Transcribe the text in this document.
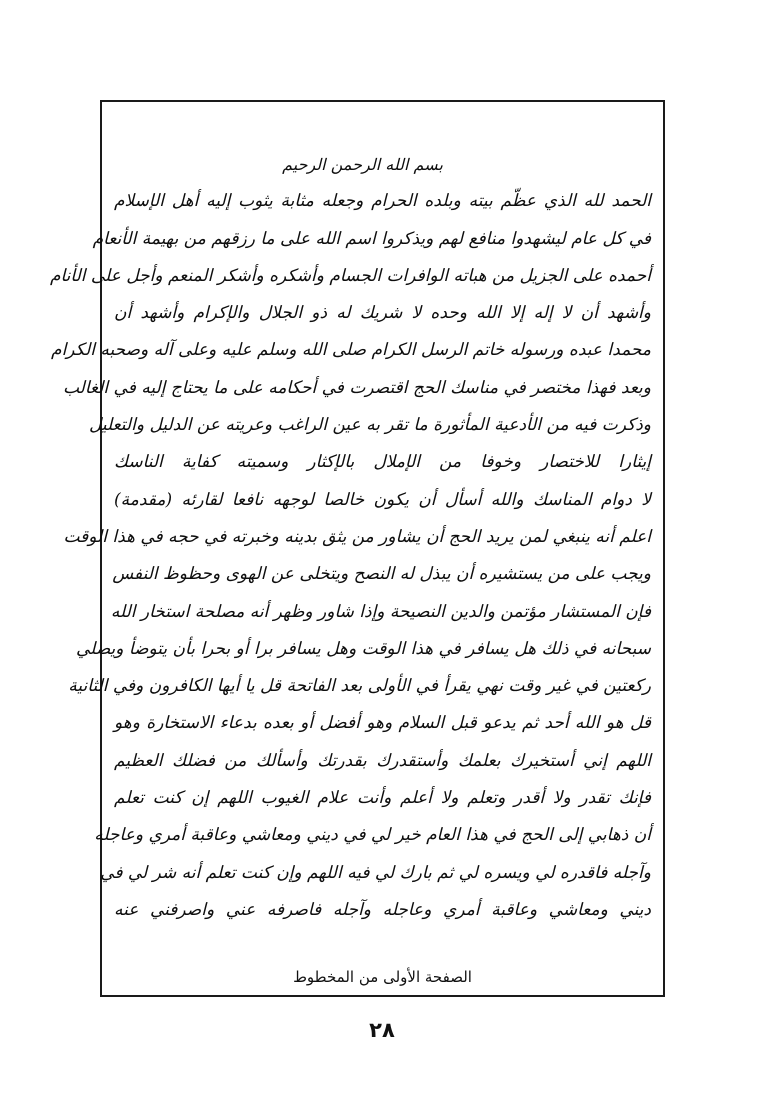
بسم الله الرحمن الرحيم
الحمد لله الذي عظّم بيته وبلده الحرام وجعله مثابة يثوب إليه أهل الإسلام
في كل عام ليشهدوا منافع لهم ويذكروا اسم الله على ما رزقهم من بهيمة الأنعام
أحمده على الجزيل من هباته الوافرات الجسام وأشكره وأشكر المنعم وأجل على الأنام
وأشهد أن لا إله إلا الله وحده لا شريك له ذو الجلال والإكرام وأشهد أن
محمدا عبده ورسوله خاتم الرسل الكرام صلى الله وسلم عليه وعلى آله وصحبه الكرام
وبعد فهذا مختصر في مناسك الحج اقتصرت في أحكامه على ما يحتاج إليه في الغالب
وذكرت فيه من الأدعية المأثورة ما تقر به عين الراغب وعريته عن الدليل والتعليل
إيثارا للاختصار وخوفا من الإملال بالإكثار وسميته كفاية الناسك
لا دوام المناسك والله أسأل أن يكون خالصا لوجهه نافعا لقارئه (مقدمة)
اعلم أنه ينبغي لمن يريد الحج أن يشاور من يثق بدينه وخبرته في حجه في هذا الوقت
ويجب على من يستشيره أن يبذل له النصح ويتخلى عن الهوى وحظوظ النفس
فإن المستشار مؤتمن والدين النصيحة وإذا شاور وظهر أنه مصلحة استخار الله
سبحانه في ذلك هل يسافر في هذا الوقت وهل يسافر برا أو بحرا بأن يتوضأ ويصلي
ركعتين في غير وقت نهي يقرأ في الأولى بعد الفاتحة قل يا أيها الكافرون وفي الثانية
قل هو الله أحد ثم يدعو قبل السلام وهو أفضل أو بعده بدعاء الاستخارة وهو
اللهم إني أستخيرك بعلمك وأستقدرك بقدرتك وأسألك من فضلك العظيم
فإنك تقدر ولا أقدر وتعلم ولا أعلم وأنت علام الغيوب اللهم إن كنت تعلم
أن ذهابي إلى الحج في هذا العام خير لي في ديني ومعاشي وعاقبة أمري وعاجله
وآجله فاقدره لي ويسره لي ثم بارك لي فيه اللهم وإن كنت تعلم أنه شر لي في
ديني ومعاشي وعاقبة أمري وعاجله وآجله فاصرفه عني واصرفني عنه
الصفحة الأولى من المخطوط
٢٨
